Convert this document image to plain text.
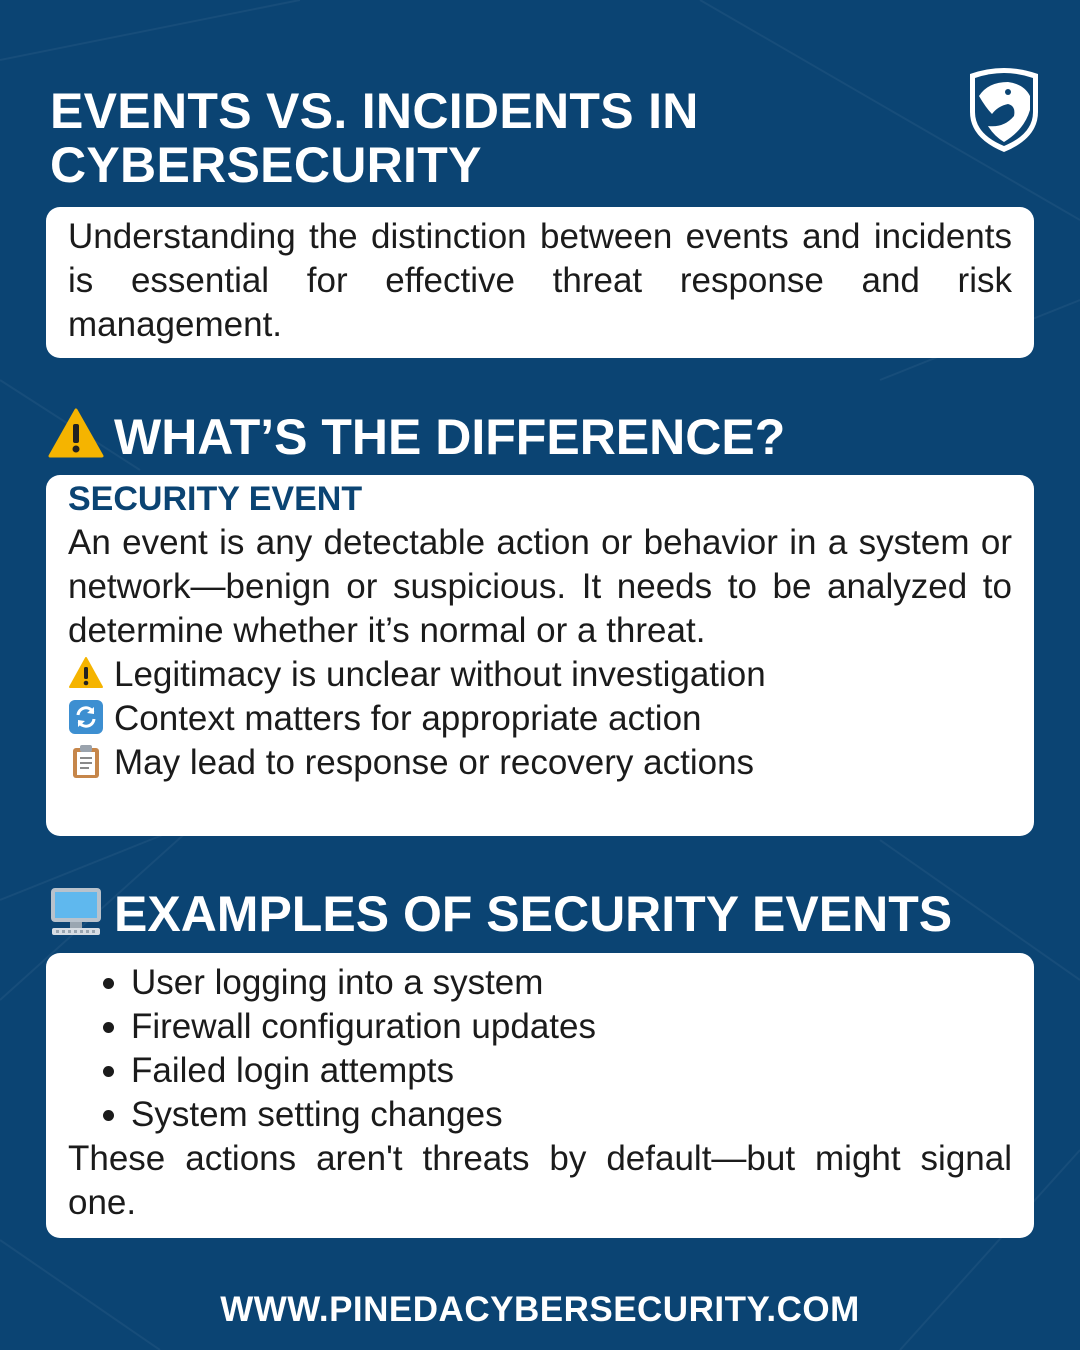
EVENTS VS. INCIDENTS IN CYBERSECURITY

Understanding the distinction between events and incidents is essential for effective threat response and risk management.

WHAT’S THE DIFFERENCE?

SECURITY EVENT

An event is any detectable action or behavior in a system or network—benign or suspicious. It needs to be analyzed to determine whether it’s normal or a threat.

Legitimacy is unclear without investigation

Context matters for appropriate action

May lead to response or recovery actions

EXAMPLES OF SECURITY EVENTS
User logging into a system
Firewall configuration updates
Failed login attempts
System setting changes

These actions aren't threats by default—but might signal one.

WWW.PINEDACYBERSECURITY.COM
